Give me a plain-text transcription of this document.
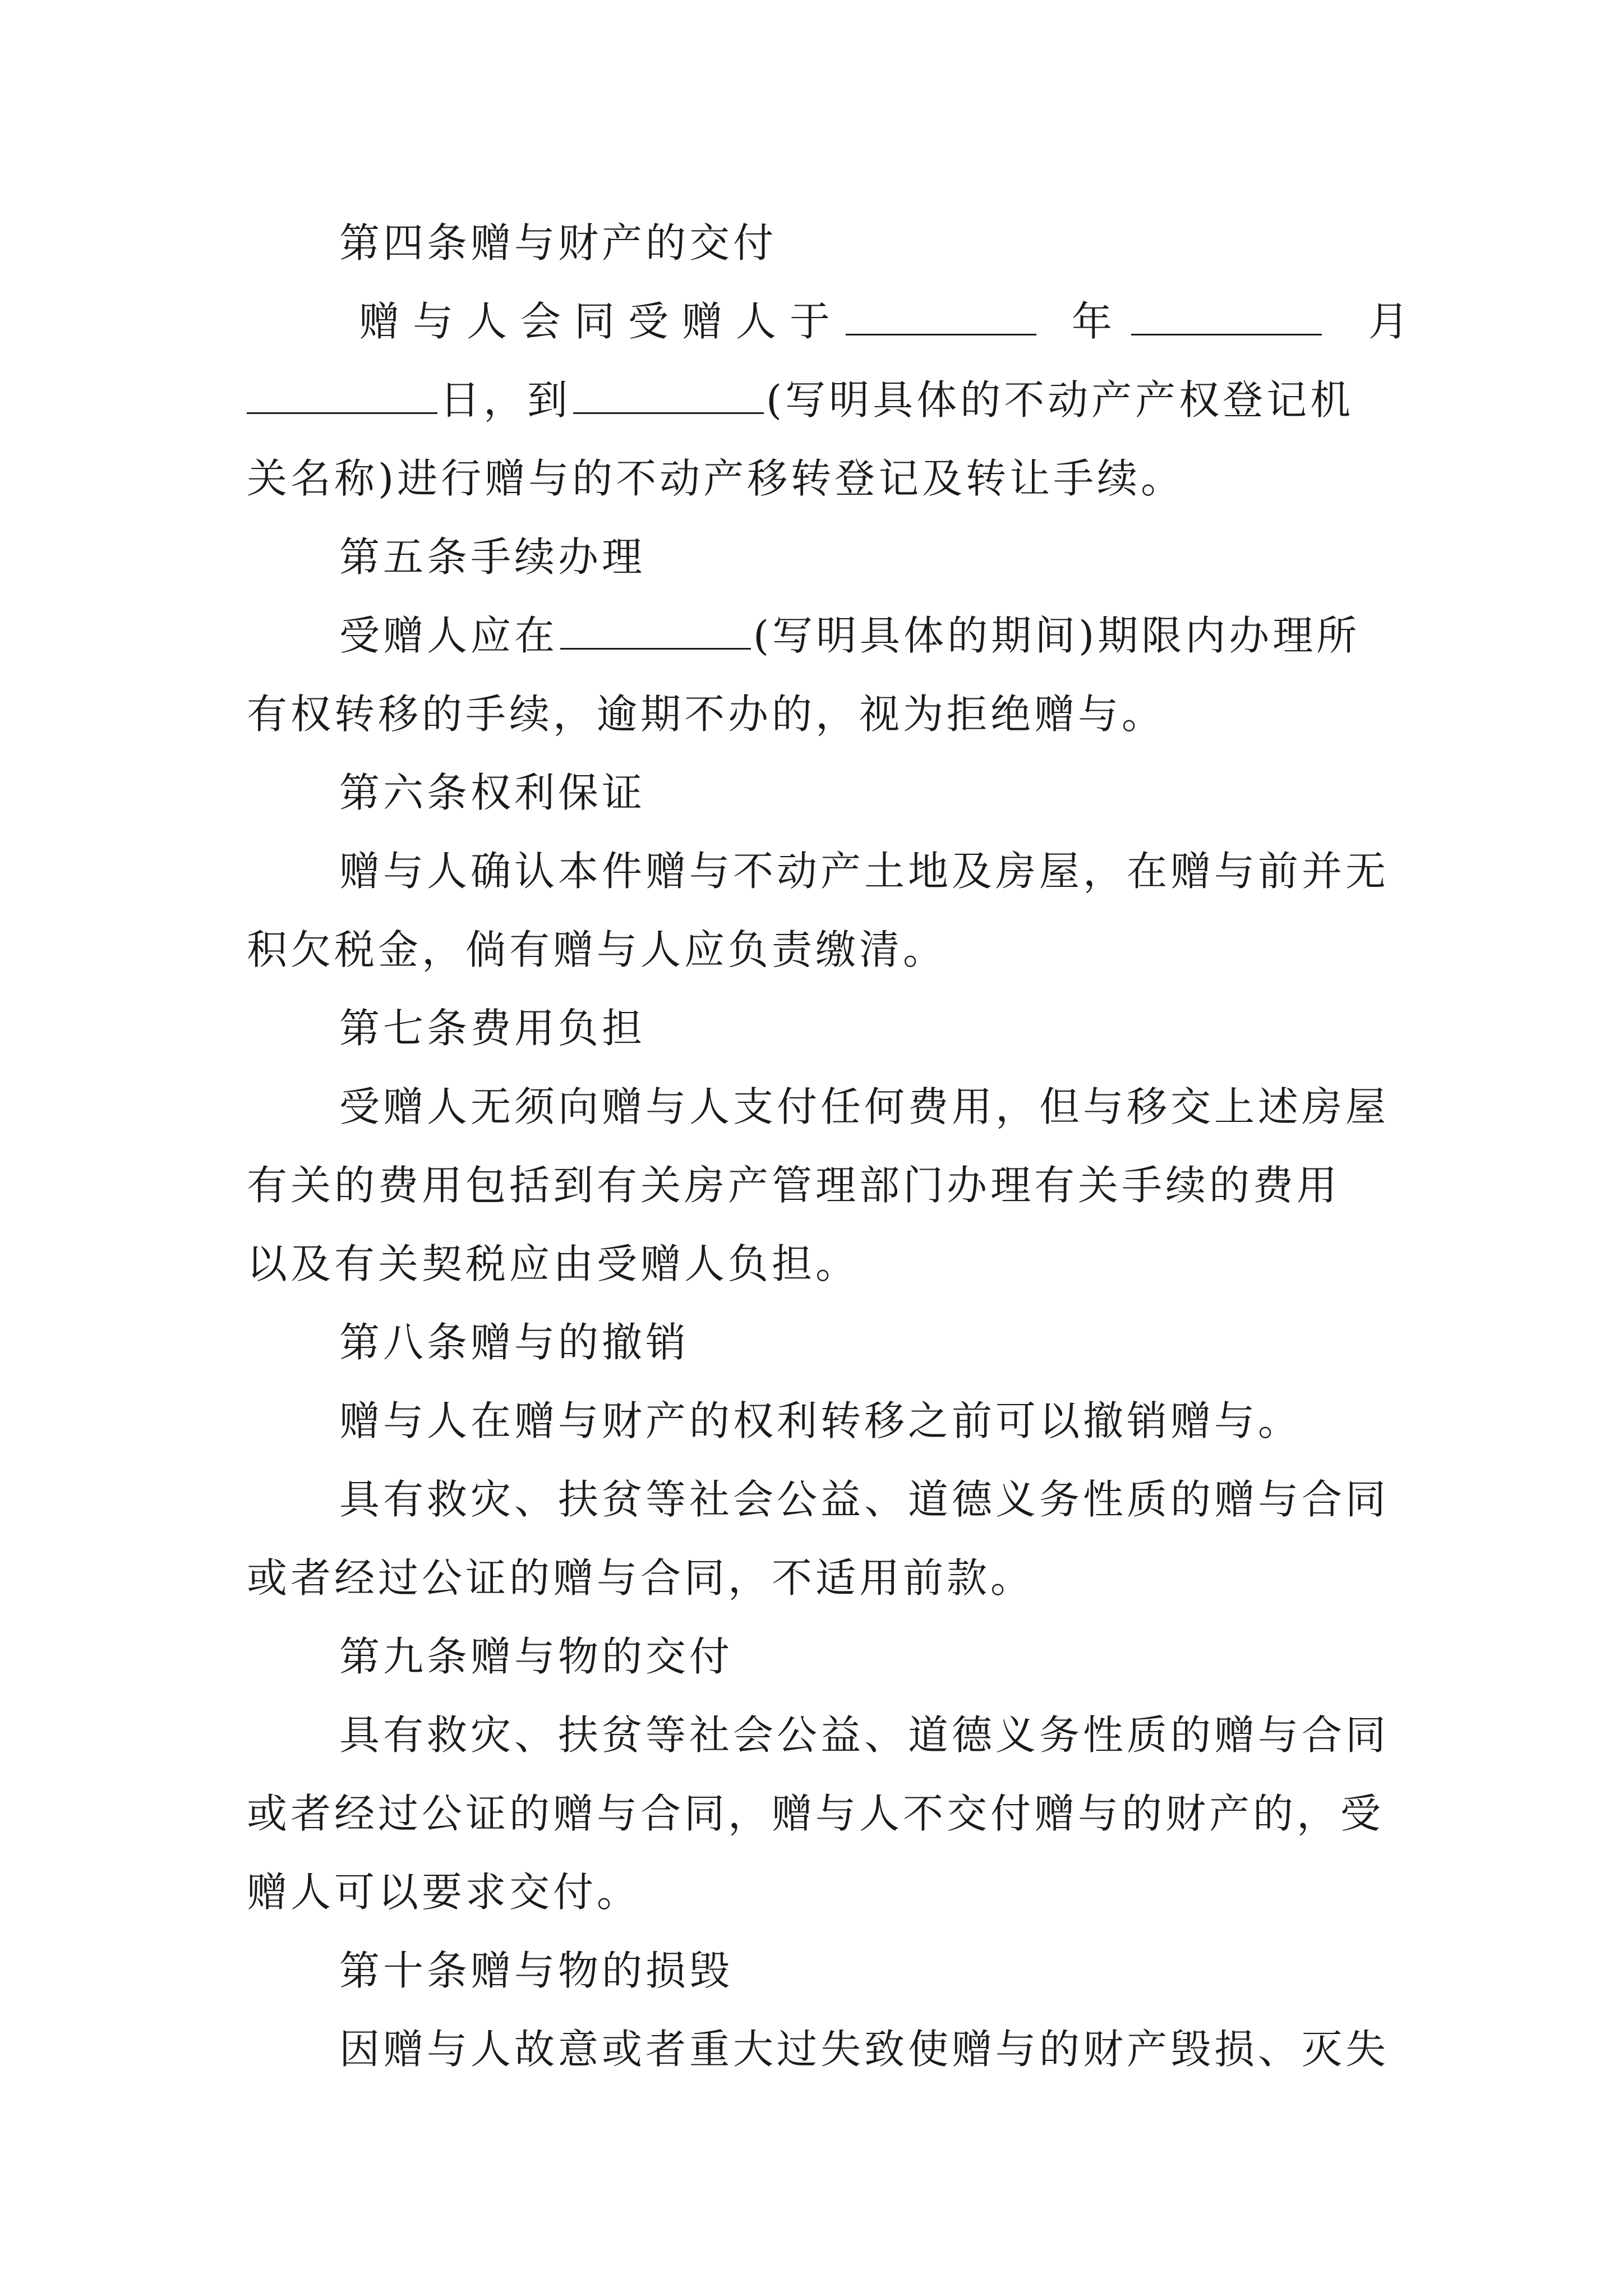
第四条赠与财产的交付
赠与人会同受赠人于	年	月
日，到	(写明具体的不动产产权登记机
关名称)进行赠与的不动产移转登记及转让手续。
第五条手续办理
受赠人应在	(写明具体的期间)期限内办理所
有权转移的手续，逾期不办的，视为拒绝赠与。
第六条权利保证
赠与人确认本件赠与不动产土地及房屋，在赠与前并无
积欠税金，倘有赠与人应负责缴清。
第七条费用负担
受赠人无须向赠与人支付任何费用，但与移交上述房屋
有关的费用包括到有关房产管理部门办理有关手续的费用
以及有关契税应由受赠人负担。
第八条赠与的撤销
赠与人在赠与财产的权利转移之前可以撤销赠与。
具有救灾、扶贫等社会公益、道德义务性质的赠与合同
或者经过公证的赠与合同，不适用前款。
第九条赠与物的交付
具有救灾、扶贫等社会公益、道德义务性质的赠与合同
或者经过公证的赠与合同，赠与人不交付赠与的财产的，受
赠人可以要求交付。
第十条赠与物的损毁
因赠与人故意或者重大过失致使赠与的财产毁损、灭失
